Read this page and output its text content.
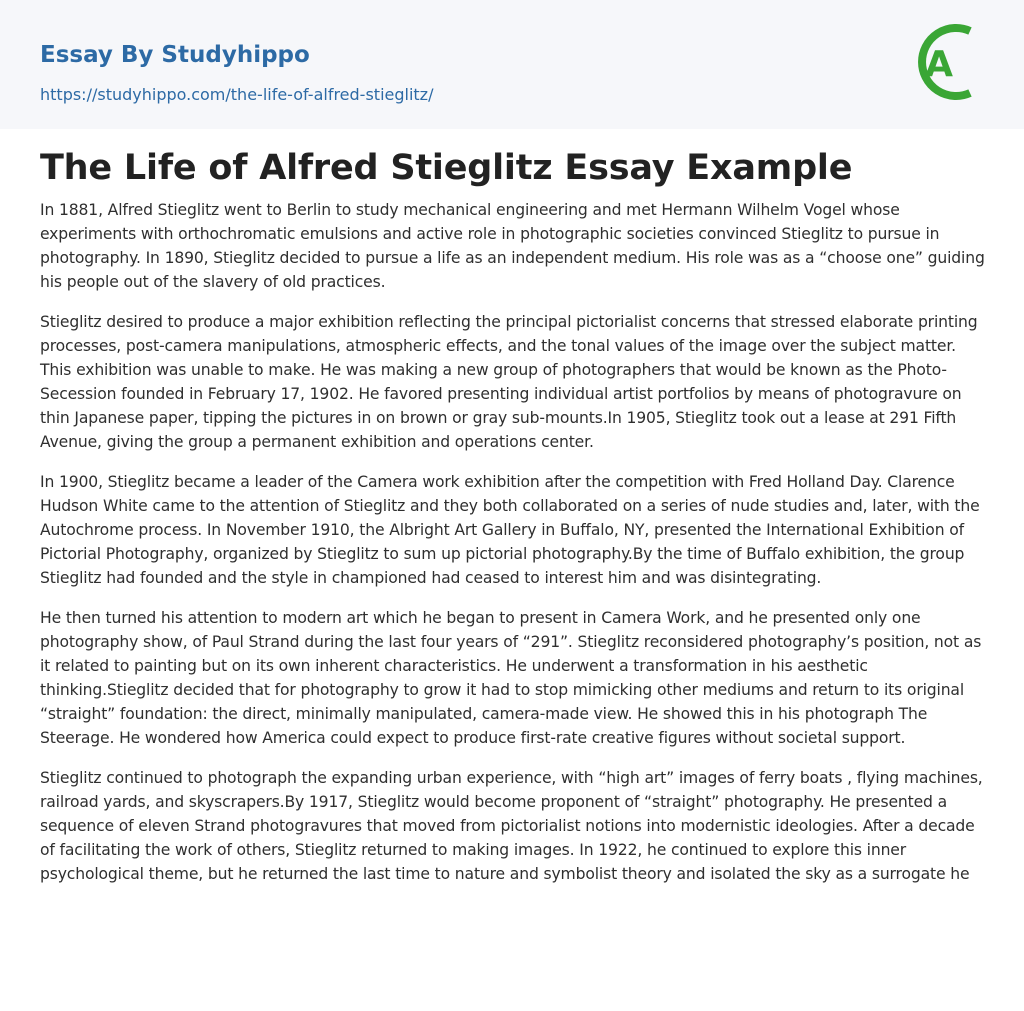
Essay By Studyhippo
https://studyhippo.com/the-life-of-alfred-stieglitz/
A
The Life of Alfred Stieglitz Essay Example

In 1881, Alfred Stieglitz went to Berlin to study mechanical engineering and met Hermann Wilhelm Vogel whose experiments with orthochromatic emulsions and active role in photographic societies convinced Stieglitz to pursue in photography. In 1890, Stieglitz decided to pursue a life as an independent medium. His role was as a “choose one” guiding his people out of the slavery of old practices.

Stieglitz desired to produce a major exhibition reflecting the principal pictorialist concerns that stressed elaborate printing processes, post-camera manipulations, atmospheric effects, and the tonal values of the image over the subject matter. This exhibition was unable to make. He was making a new group of photographers that would be known as the Photo-Secession founded in February 17, 1902. He favored presenting individual artist portfolios by means of photogravure on thin Japanese paper, tipping the pictures in on brown or gray sub-mounts.In 1905, Stieglitz took out a lease at 291 Fifth Avenue, giving the group a permanent exhibition and operations center.

In 1900, Stieglitz became a leader of the Camera work exhibition after the competition with Fred Holland Day. Clarence Hudson White came to the attention of Stieglitz and they both collaborated on a series of nude studies and, later, with the Autochrome process. In November 1910, the Albright Art Gallery in Buffalo, NY, presented the International Exhibition of Pictorial Photography, organized by Stieglitz to sum up pictorial photography.By the time of Buffalo exhibition, the group Stieglitz had founded and the style in championed had ceased to interest him and was disintegrating.

He then turned his attention to modern art which he began to present in Camera Work, and he presented only one photography show, of Paul Strand during the last four years of “291”. Stieglitz reconsidered photography’s position, not as it related to painting but on its own inherent characteristics. He underwent a transformation in his aesthetic thinking.Stieglitz decided that for photography to grow it had to stop mimicking other mediums and return to its original “straight” foundation: the direct, minimally manipulated, camera-made view. He showed this in his photograph The Steerage. He wondered how America could expect to produce first-rate creative figures without societal support.

Stieglitz continued to photograph the expanding urban experience, with “high art” images of ferry boats , flying machines, railroad yards, and skyscrapers.By 1917, Stieglitz would become proponent of “straight” photography. He presented a sequence of eleven Strand photogravures that moved from pictorialist notions into modernistic ideologies. After a decade of facilitating the work of others, Stieglitz returned to making images. In 1922, he continued to explore this inner psychological theme, but he returned the last time to nature and symbolist theory and isolated the sky as a surrogate he
